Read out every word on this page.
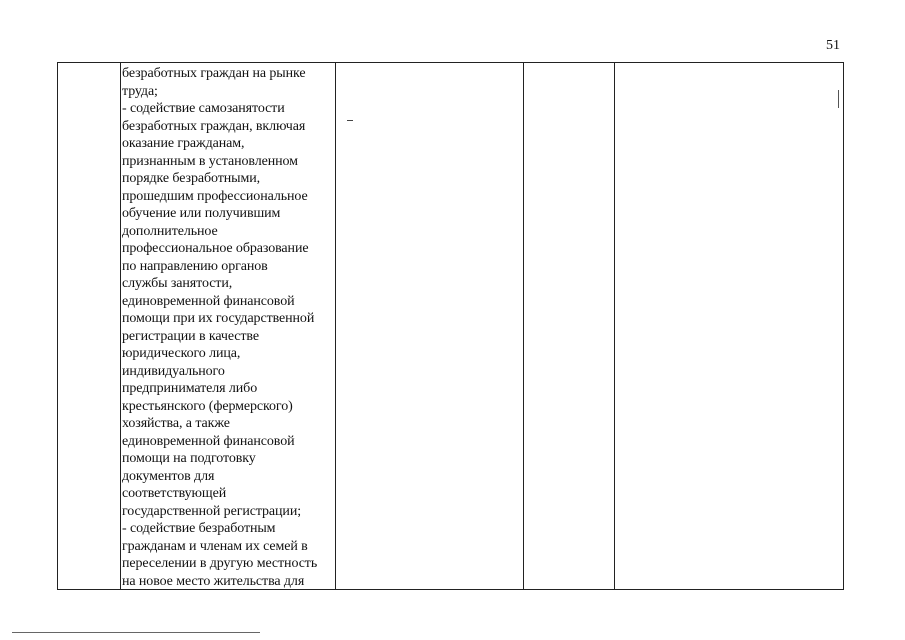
51
безработных граждан на рынке
труда;
- содействие самозанятости
безработных граждан, включая
оказание гражданам,
признанным в установленном
порядке безработными,
прошедшим профессиональное
обучение или получившим
дополнительное
профессиональное образование
по направлению органов
службы занятости,
единовременной финансовой
помощи при их государственной
регистрации в качестве
юридического лица,
индивидуального
предпринимателя либо
крестьянского (фермерского)
хозяйства, а также
единовременной финансовой
помощи на подготовку
документов для
соответствующей
государственной регистрации;
- содействие безработным
гражданам и членам их семей в
переселении в другую местность
на новое место жительства для
